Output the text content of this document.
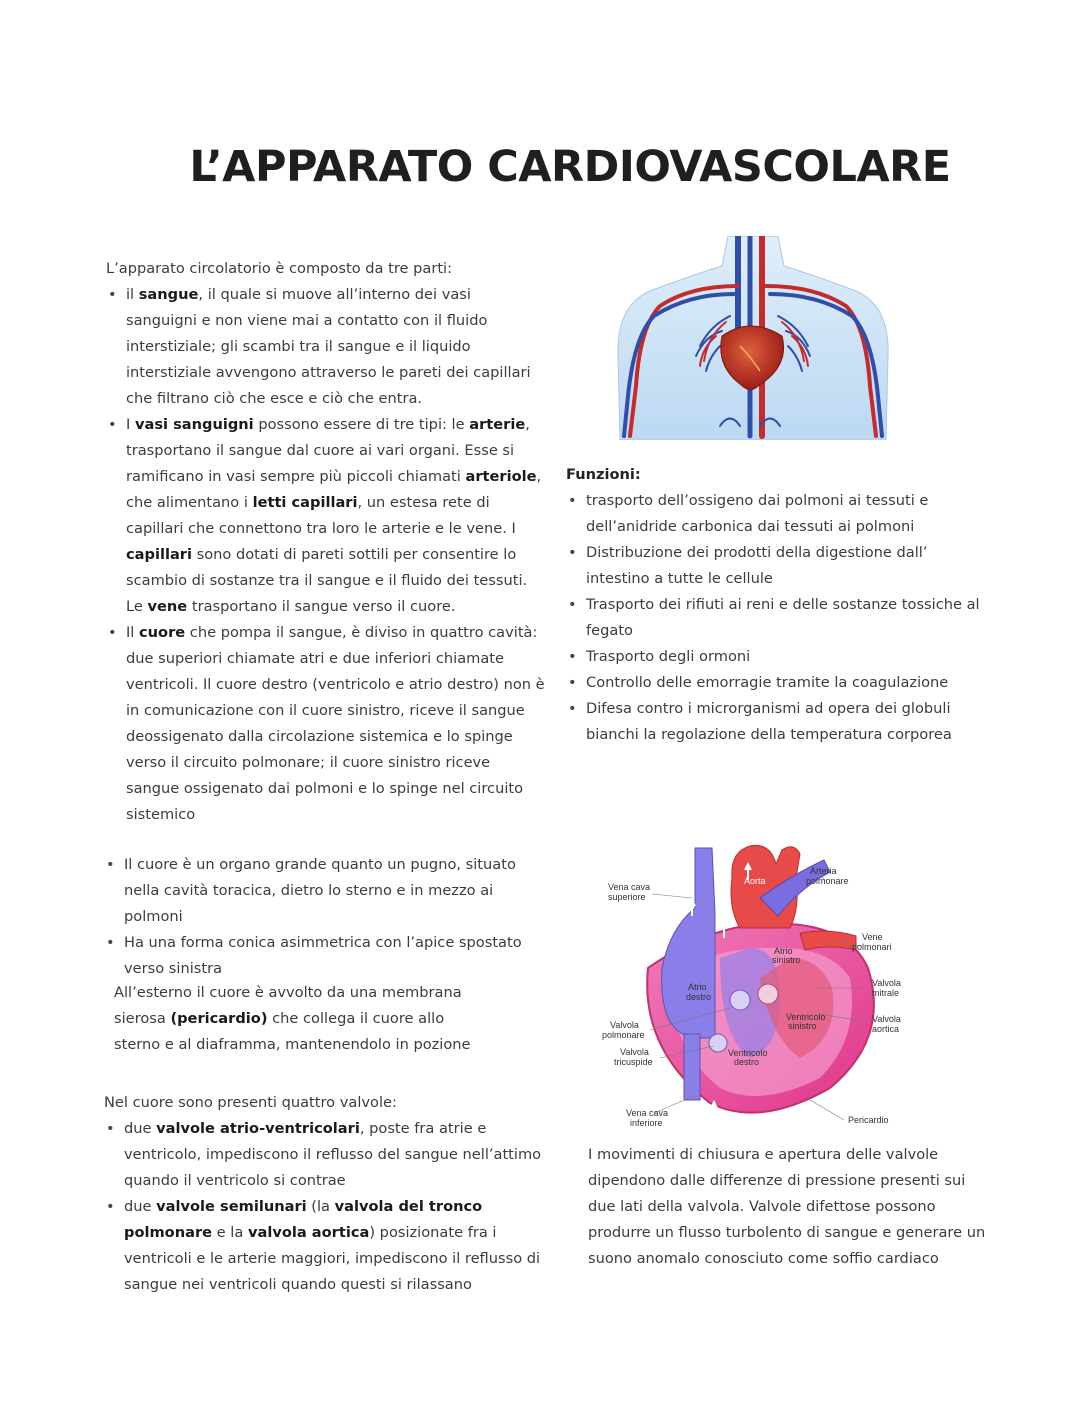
L’APPARATO CARDIOVASCOLARE

L’apparato circolatorio è composto da tre parti:

• il sangue, il quale si muove all’interno dei vasi sanguigni e non viene mai a contatto con il fluido interstiziale; gli scambi tra il sangue e il liquido interstiziale avvengono attraverso le pareti dei capillari che filtrano ciò che esce e ciò che entra.
• I vasi sanguigni possono essere di tre tipi: le arterie, trasportano il sangue dal cuore ai vari organi. Esse si ramificano in vasi sempre più piccoli chiamati arteriole, che alimentano i letti capillari, un estesa rete di capillari che connettono tra loro le arterie e le vene. I capillari sono dotati di pareti sottili per consentire lo scambio di sostanze tra il sangue e il fluido dei tessuti. Le vene trasportano il sangue verso il cuore.
• Il cuore che pompa il sangue, è diviso in quattro cavità: due superiori chiamate atri e due inferiori chiamate ventricoli. Il cuore destro (ventricolo e atrio destro) non è in comunicazione con il cuore sinistro, riceve il sangue deossigenato dalla circolazione sistemica e lo spinge verso il circuito polmonare; il cuore sinistro riceve sangue ossigenato dai polmoni e lo spinge nel circuito sistemico

Funzioni:

• trasporto dell’ossigeno dai polmoni ai tessuti e dell’anidride carbonica dai tessuti ai polmoni
• Distribuzione dei prodotti della digestione dall’ intestino a tutte le cellule
• Trasporto dei rifiuti ai reni e delle sostanze tossiche al fegato
• Trasporto degli ormoni
• Controllo delle emorragie tramite la coagulazione
• Difesa contro i microrganismi ad opera dei globuli bianchi la regolazione della temperatura corporea
• Il cuore è un organo grande quanto un pugno, situato nella cavità toracica, dietro lo sterno e in mezzo ai polmoni
• Ha una forma conica asimmetrica con l’apice spostato verso sinistra

All’esterno il cuore è avvolto da una membrana sierosa (pericardio) che collega il cuore allo sterno e al diaframma, mantenendolo in pozione

Nel cuore sono presenti quattro valvole:

• due valvole atrio-ventricolari, poste fra atrie e ventricolo, impediscono il reflusso del sangue nell’attimo quando il ventricolo si contrae
• due valvole semilunari (la valvola del tronco polmonare e la valvola aortica) posizionate fra i ventricoli e le arterie maggiori, impediscono il reflusso di sangue nei ventricoli quando questi si rilassano
Vena cava
superiore
Aorta
Arteria
polmonare
Vene
polmonari
Atrio
sinistro
Atrio
destro
Valvola
mitrale
Ventricolo
sinistro
Valvola
aortica
Valvola
polmonare
Valvola
tricuspide
Ventricolo
destro
Vena cava
inferiore	Pericardio
I movimenti di chiusura e apertura delle valvole dipendono dalle differenze di pressione presenti sui due lati della valvola. Valvole difettose possono produrre un flusso turbolento di sangue e generare un suono anomalo conosciuto come soffio cardiaco
